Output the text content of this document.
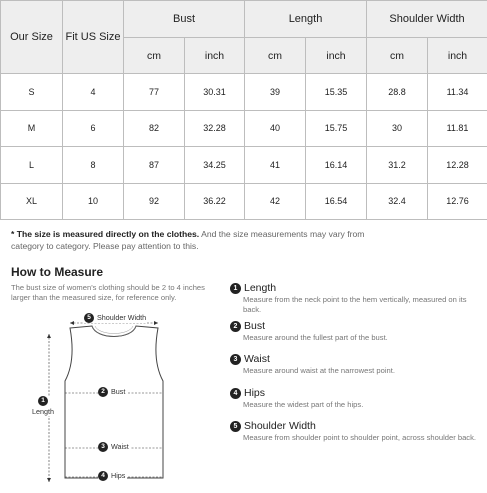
Our Size	Fit US Size	Bust		Length		Shoulder Width	
		cm	inch	cm	inch	cm	inch
S	4	77	30.31	39	15.35	28.8	11.34
M	6	82	32.28	40	15.75	30	11.81
L	8	87	34.25	41	16.14	31.2	12.28
XL	10	92	36.22	42	16.54	32.4	12.76
* The size is measured directly on the clothes. And the size measurements may vary from category to category. Please pay attention to this.
How to Measure
The bust size of women's clothing should be 2 to 4 inches larger than the measured size, for reference only.
5 Shoulder Width
2 Bust
1
Length
3 Waist
4 Hips
1 Length
Measure from the neck point to the hem vertically, measured on its back.
2 Bust
Measure around the fullest part of the bust.
3 Waist
Measure around waist at the narrowest point.
4 Hips
Measure the widest part of the hips.
5 Shoulder Width
Measure from shoulder point to shoulder point, across shoulder back.
